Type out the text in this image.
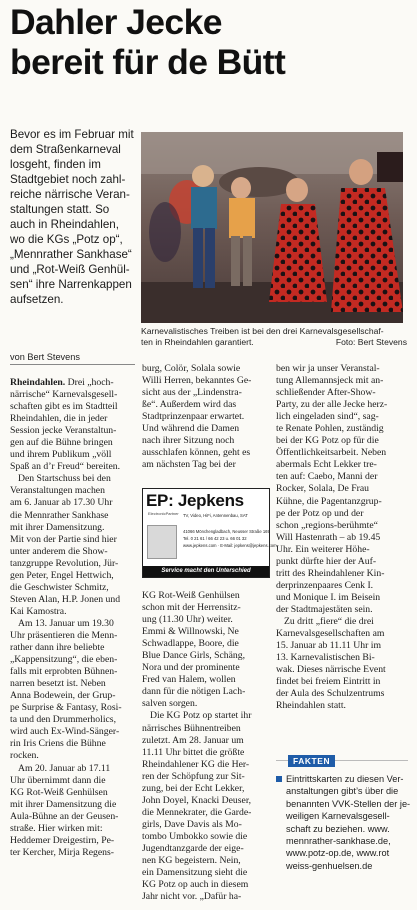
Dahler Jecke
bereit für de Bütt
Bevor es im Februar mit
dem Straßenkarneval
losgeht, finden im
Stadtgebiet noch zahl-
reiche närrische Veran-
staltungen statt. So
auch in Rheindahlen,
wo die KGs „Potz op“,
„Mennrather Sankhase“
und „Rot-Weiß Genhül-
sen“ ihre Narrenkappen
aufsetzen.
Karnevalistisches Treiben ist bei den drei Karnevalsgesellschaf-
ten in Rheindahlen garantiert.	Foto: Bert Stevens
von Bert Stevens
Rheindahlen. Drei „hoch-
närrische“ Karnevalsgesell-
schaften gibt es im Stadtteil
Rheindahlen, die in jeder
Session jecke Veranstaltun-
gen auf die Bühne bringen
und ihrem Publikum „völl
Spaß an d’r Freud“ bereiten.
Den Startschuss bei den
Veranstaltungen machen
am 6. Januar ab 17.30 Uhr
die Mennrather Sankhase
mit ihrer Damensitzung.
Mit von der Partie sind hier
unter anderem die Show-
tanzgruppe Revolution, Jür-
gen Peter, Engel Hettwich,
die Geschwister Schmitz,
Steven Alan, H.P. Jonen und
Kai Kamostra.
Am 13. Januar um 19.30
Uhr präsentieren die Menn-
rather dann ihre beliebte
„Kappensitzung“, die eben-
falls mit erprobten Bühnen-
narren besetzt ist. Neben
Anna Bodewein, der Grup-
pe Surprise & Fantasy, Rosi-
ta und den Drummerholics,
wird auch Ex-Wind-Sänger-
rin Iris Criens die Bühne
rocken.
Am 20. Januar ab 17.11
Uhr übernimmt dann die
KG Rot-Weiß Genhülsen
mit ihrer Damensitzung die
Aula-Bühne an der Geusen-
straße. Hier wirken mit:
Heddemer Dreigestirn, Pe-
ter Kercher, Mirja Regens-
burg, Colör, Solala sowie
Willi Herren, bekanntes Ge-
sicht aus der „Lindenstra-
ße“. Außerdem wird das
Stadtprinzenpaar erwartet.
Und während die Damen
nach ihrer Sitzung noch
ausschlafen können, geht es
am nächsten Tag bei der
EP: Jepkens
ElectronicPartner TV, Video, HiFi, Antennenbau, SAT
41066 Mönchengladbach, Neusser Straße 169
Tel. 0 21 61 / 66 42 23 u. 66 01 32
www.jepkens.com · E-Mail: jepkens@jepkens.com
Service macht den Unterschied
KG Rot-Weiß Genhülsen
schon mit der Herrensitz-
ung (11.30 Uhr) weiter.
Emmi & Willnowski, Ne
Schwadlappe, Boore, die
Blue Dance Girls, Schäng,
Nora und der prominente
Fred van Halem, wollen
dann für die nötigen Lach-
salven sorgen.
Die KG Potz op startet ihr
närrisches Bühnentreiben
zuletzt. Am 28. Januar um
11.11 Uhr bittet die größte
Rheindahlener KG die Her-
ren der Schöpfung zur Sit-
zung, bei der Echt Lekker,
John Doyel, Knacki Deuser,
die Mennekrater, die Garde-
girls, Dave Davis als Mo-
tombo Umbokko sowie die
Jugendtanzgarde der eige-
nen KG begeistern. Nein,
ein Damensitzung sieht die
KG Potz op auch in diesem
Jahr nicht vor. „Dafür ha-
ben wir ja unser Veranstal-
tung Allemannsjeck mit an-
schließender After-Show-
Party, zu der alle Jecke herz-
lich eingeladen sind“, sag-
te Renate Pohlen, zuständig
bei der KG Potz op für die
Öffentlichkeitsarbeit. Neben
abermals Echt Lekker tre-
ten auf: Caebo, Manni der
Rocker, Solala, De Frau
Kühne, die Pagentanzgrup-
pe der Potz op und der
schon „regions-berühmte“
Will Hastenrath – ab 19.45
Uhr. Ein weiterer Höhe-
punkt dürfte hier der Auf-
tritt des Rheindahlener Kin-
derprinzenpaares Cenk I.
und Monique I. im Beisein
der Stadtmajestäten sein.
Zu dritt „fiere“ die drei
Karnevalsgesellschaften am
15. Januar ab 11.11 Uhr im
13. Karnevalistischen Bi-
wak. Dieses närrische Event
findet bei freiem Eintritt in
der Aula des Schulzentrums
Rheindahlen statt.
FAKTEN
Eintrittskarten zu diesen Ver-
anstaltungen gibt’s über die
benannten VVK-Stellen der je-
weiligen Karnevalsgesell-
schaft zu beziehen. www.
mennrather-sankhase.de,
www.potz-op.de, www.rot
weiss-genhuelsen.de
